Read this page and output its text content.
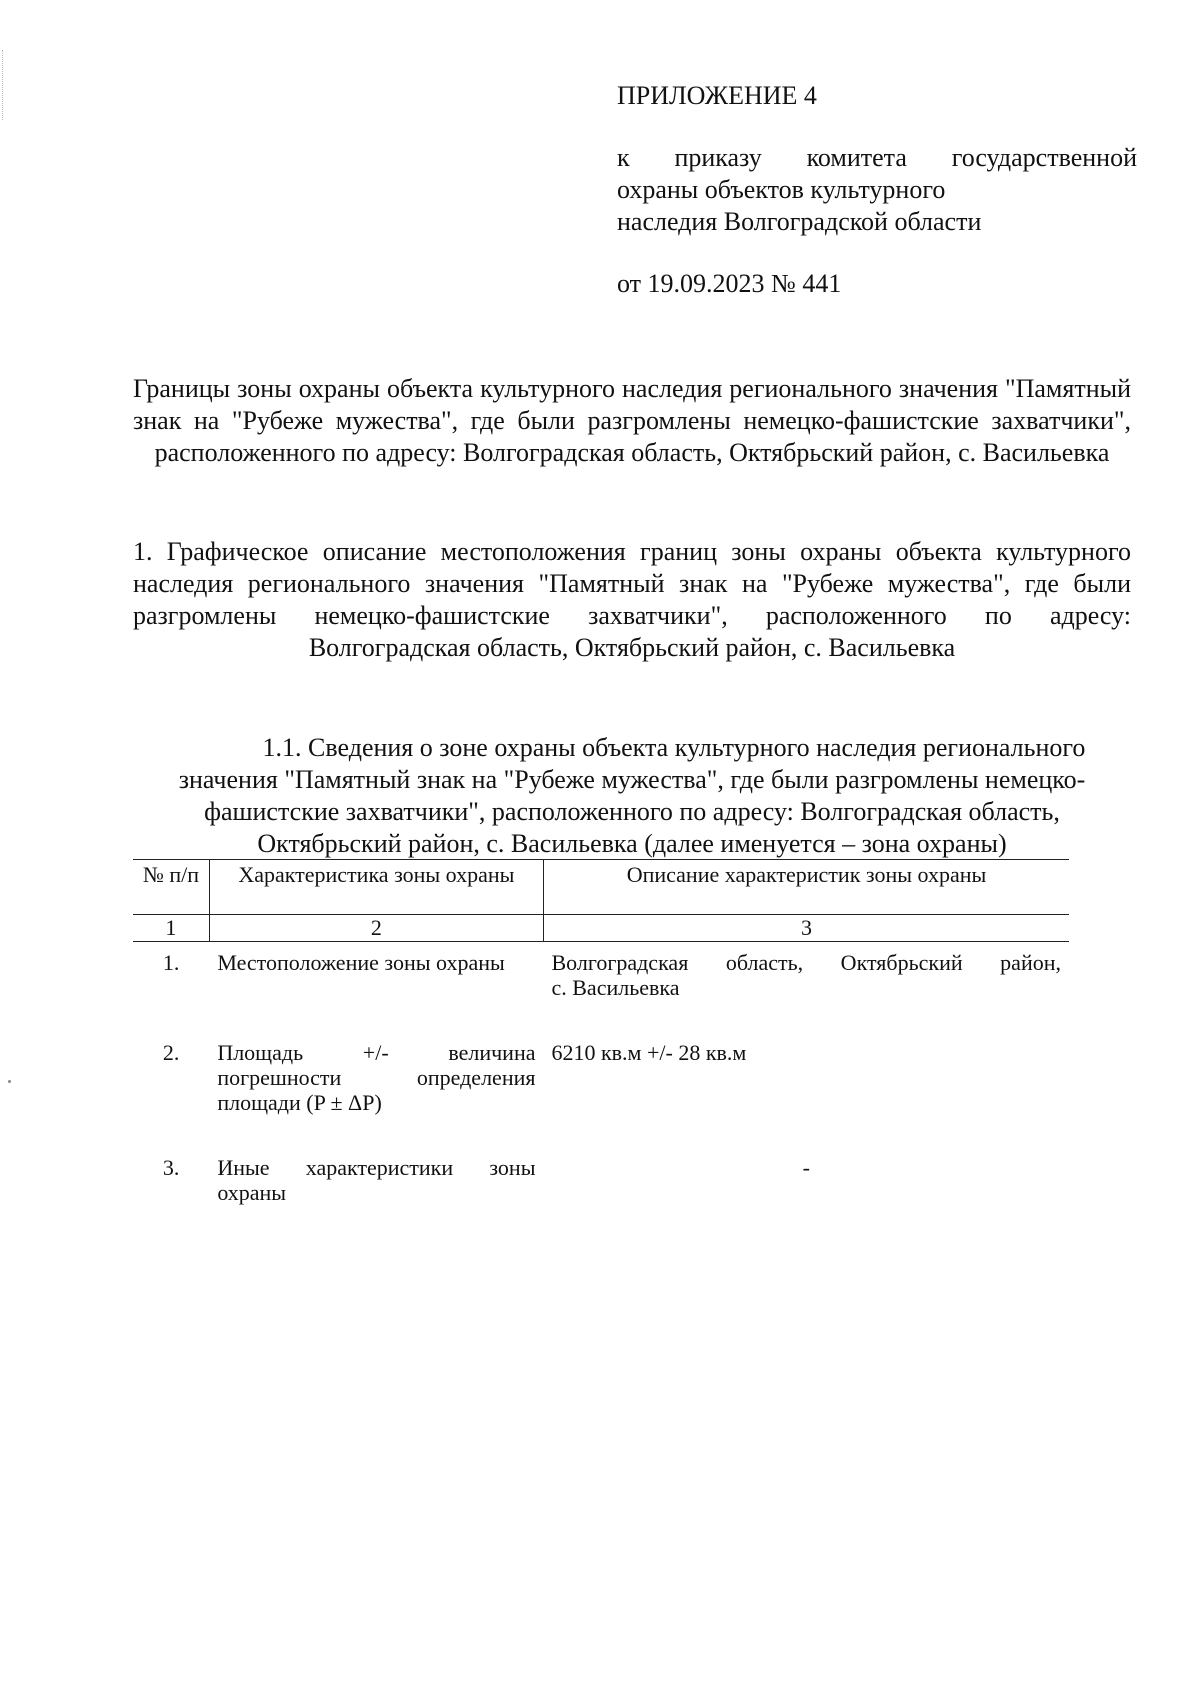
ПРИЛОЖЕНИЕ 4
к приказу комитета государственной
охраны объектов культурного
наследия Волгоградской области
от 19.09.2023 № 441
Границы зоны охраны объекта культурного наследия регионального значения "Памятный знак на "Рубеже мужества", где были разгромлены немецко-фашистские захватчики", расположенного по адресу: Волгоградская область, Октябрьский район, с. Васильевка
1. Графическое описание местоположения границ зоны охраны объекта культурного наследия регионального значения "Памятный знак на "Рубеже мужества", где были разгромлены немецко-фашистские захватчики", расположенного по адресу: Волгоградская область, Октябрьский район, с. Васильевка
1.1. Сведения о зоне охраны объекта культурного наследия регионального значения "Памятный знак на "Рубеже мужества", где были разгромлены немецко-фашистские захватчики", расположенного по адресу: Волгоградская область, Октябрьский район, с. Васильевка (далее именуется – зона охраны)
№ п/п	Характеристика зоны охраны	Описание характеристик зоны охраны
1	2	3
1.	Местоположение зоны охраны	Волгоградская область, Октябрьский район,
с. Васильевка

2.	Площадь +/- величина
погрешности определения
площади (P ± ΔP)	6210 кв.м +/- 28 кв.м
3.	Иные характеристики зоны
охраны	-
